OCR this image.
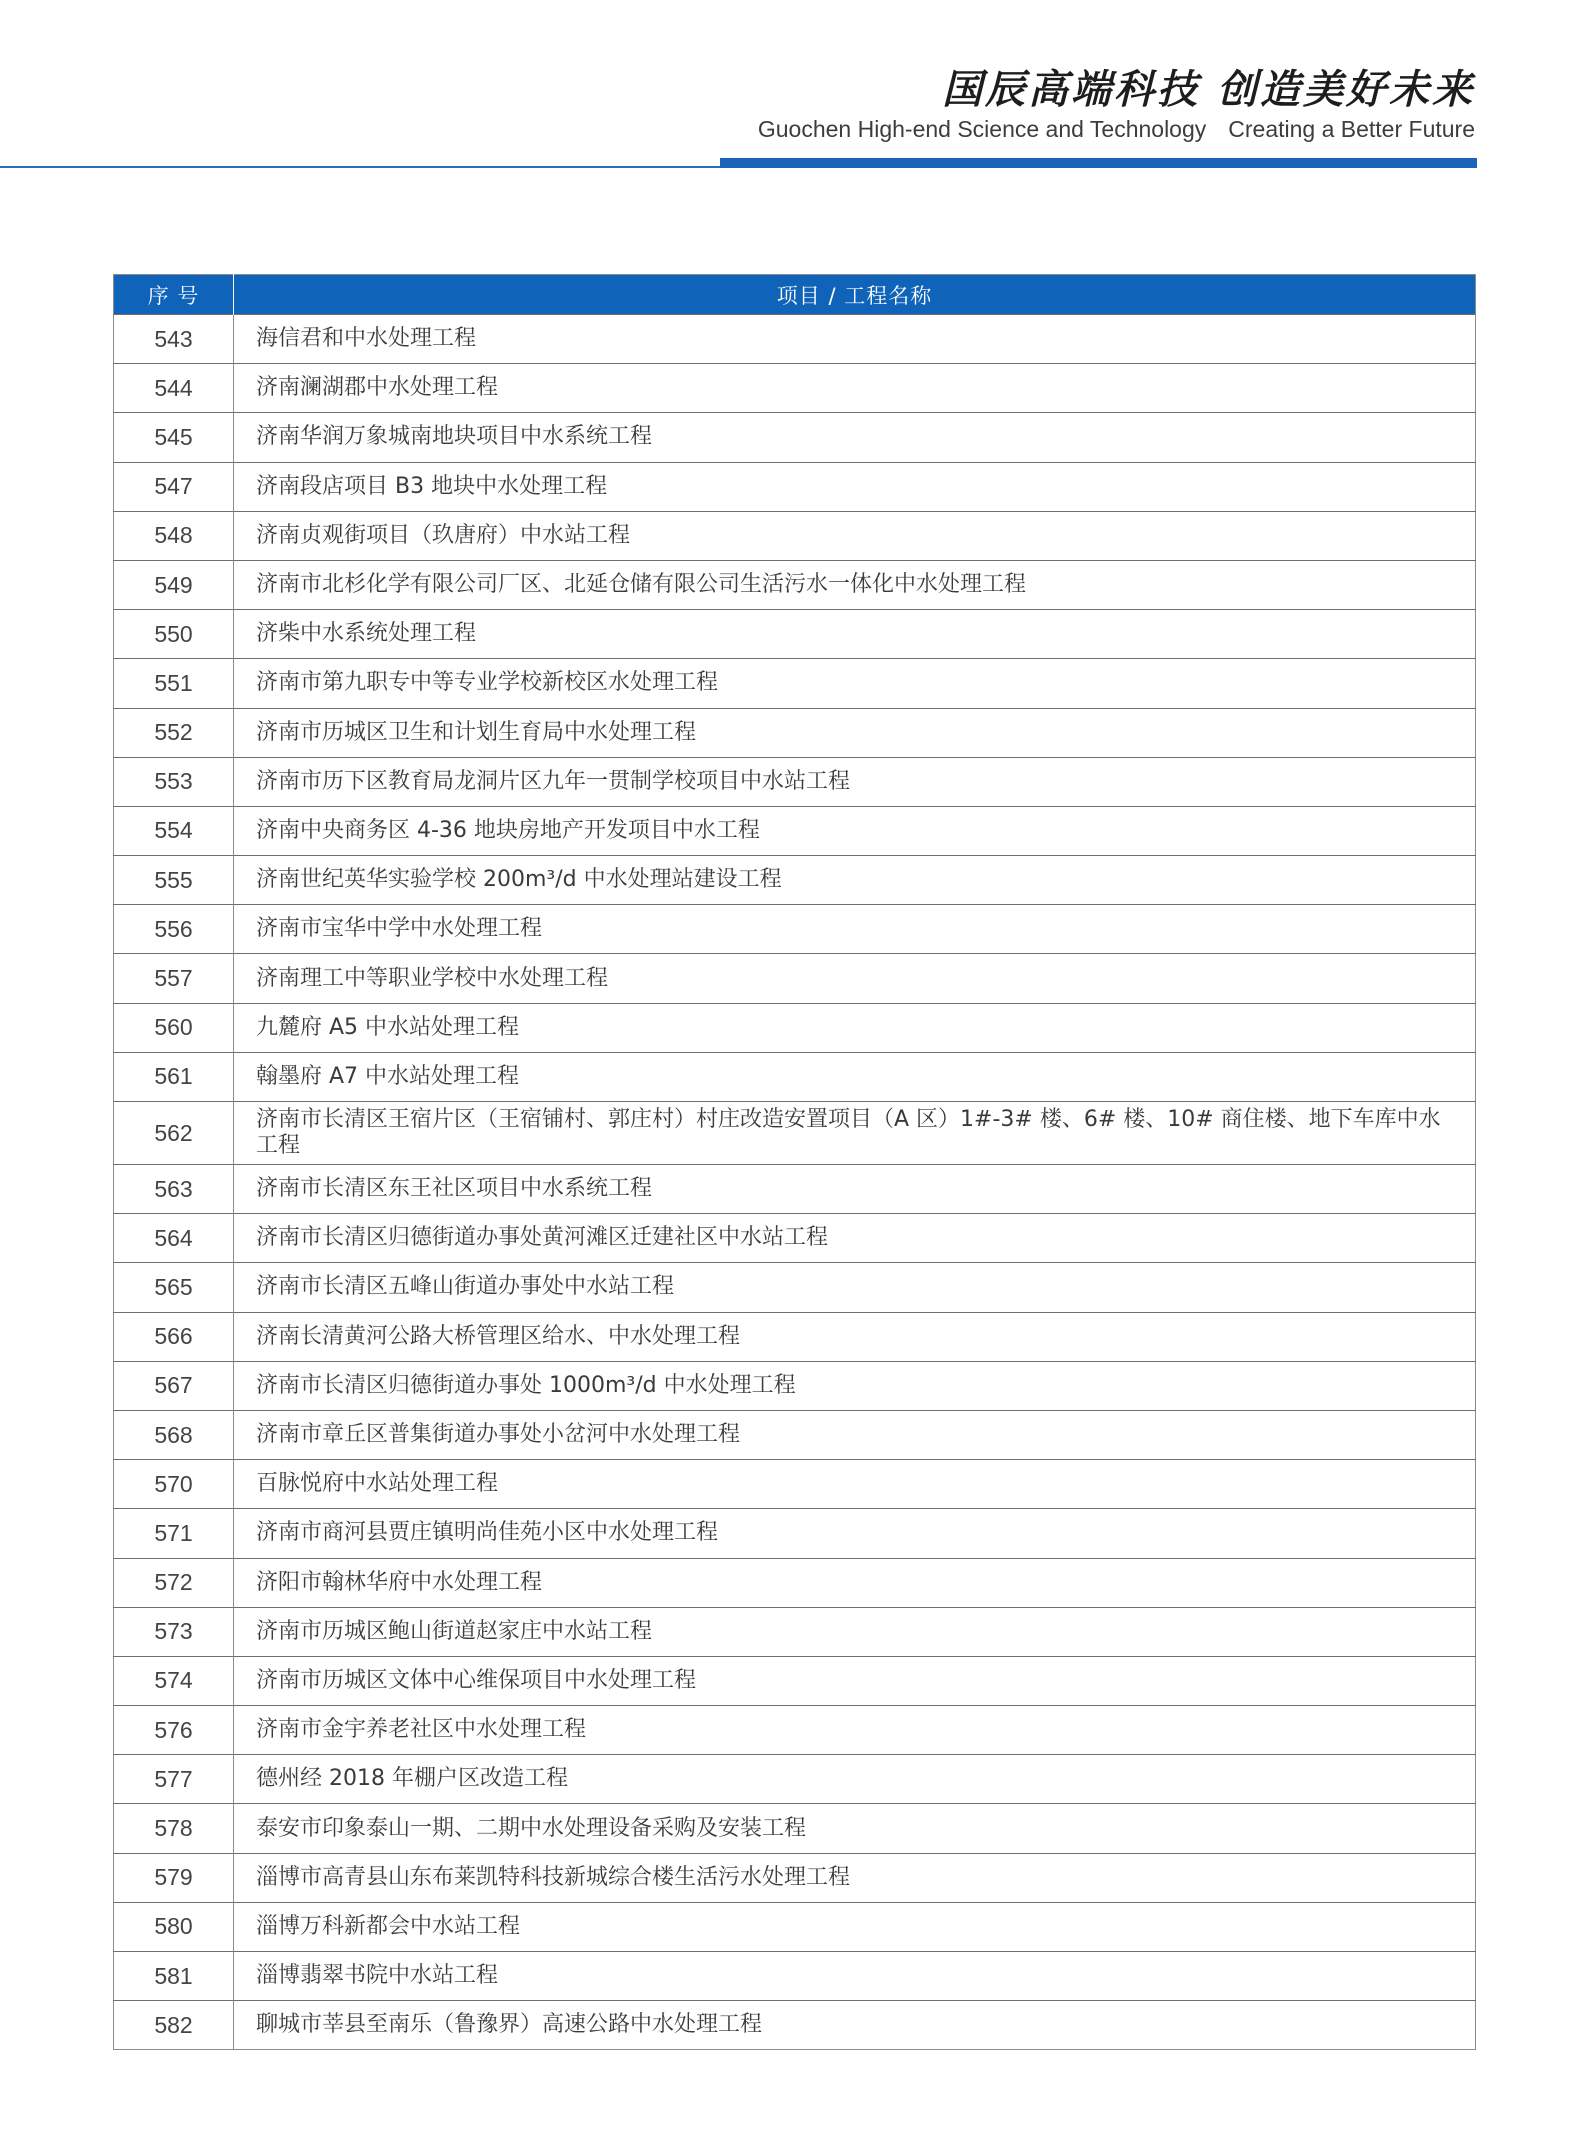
国辰高端科技 创造美好未来
Guochen High-end Science and Technology Creating a Better Future
序 号	项目 / 工程名称
543	海信君和中水处理工程
544	济南澜湖郡中水处理工程
545	济南华润万象城南地块项目中水系统工程
547	济南段店项目 B3 地块中水处理工程
548	济南贞观街项目（玖唐府）中水站工程
549	济南市北杉化学有限公司厂区、北延仓储有限公司生活污水一体化中水处理工程
550	济柴中水系统处理工程
551	济南市第九职专中等专业学校新校区水处理工程
552	济南市历城区卫生和计划生育局中水处理工程
553	济南市历下区教育局龙洞片区九年一贯制学校项目中水站工程
554	济南中央商务区 4-36 地块房地产开发项目中水工程
555	济南世纪英华实验学校 200m³/d 中水处理站建设工程
556	济南市宝华中学中水处理工程
557	济南理工中等职业学校中水处理工程
560	九麓府 A5 中水站处理工程
561	翰墨府 A7 中水站处理工程
562	济南市长清区王宿片区（王宿铺村、郭庄村）村庄改造安置项目（A 区）1#-3# 楼、6# 楼、10# 商住楼、地下车库中水工程
563	济南市长清区东王社区项目中水系统工程
564	济南市长清区归德街道办事处黄河滩区迁建社区中水站工程
565	济南市长清区五峰山街道办事处中水站工程
566	济南长清黄河公路大桥管理区给水、中水处理工程
567	济南市长清区归德街道办事处 1000m³/d 中水处理工程
568	济南市章丘区普集街道办事处小岔河中水处理工程
570	百脉悦府中水站处理工程
571	济南市商河县贾庄镇明尚佳苑小区中水处理工程
572	济阳市翰林华府中水处理工程
573	济南市历城区鲍山街道赵家庄中水站工程
574	济南市历城区文体中心维保项目中水处理工程
576	济南市金宇养老社区中水处理工程
577	德州经 2018 年棚户区改造工程
578	泰安市印象泰山一期、二期中水处理设备采购及安装工程
579	淄博市高青县山东布莱凯特科技新城综合楼生活污水处理工程
580	淄博万科新都会中水站工程
581	淄博翡翠书院中水站工程
582	聊城市莘县至南乐（鲁豫界）高速公路中水处理工程
